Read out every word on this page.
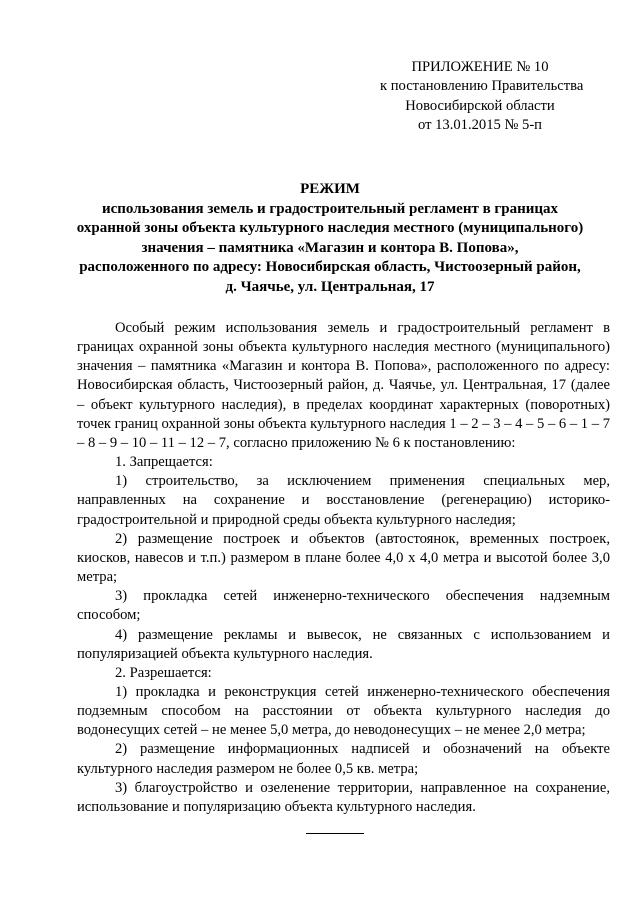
ПРИЛОЖЕНИЕ № 10
к постановлению Правительства
Новосибирской области
от 13.01.2015 № 5-п
РЕЖИМ
использования земель и градостроительный регламент в границах
охранной зоны объекта культурного наследия местного (муниципального)
значения – памятника «Магазин и контора В. Попова»,
расположенного по адресу: Новосибирская область, Чистоозерный район,
д. Чаячье, ул. Центральная, 17

Особый режим использования земель и градостроительный регламент в границах охранной зоны объекта культурного наследия местного (муниципального) значения – памятника «Магазин и контора В. Попова», расположенного по адресу: Новосибирская область, Чистоозерный район, д. Чаячье, ул. Центральная, 17 (далее – объект культурного наследия), в пределах координат характерных (поворотных) точек границ охранной зоны объекта культурного наследия 1 – 2 – 3 – 4 – 5 – 6 – 1 – 7 – 8 – 9 – 10 – 11 – 12 – 7, согласно приложению № 6 к постановлению:

1. Запрещается:

1) строительство, за исключением применения специальных мер, направленных на сохранение и восстановление (регенерацию) историко-градостроительной и природной среды объекта культурного наследия;

2) размещение построек и объектов (автостоянок, временных построек, киосков, навесов и т.п.) размером в плане более 4,0 х 4,0 метра и высотой более 3,0 метра;

3) прокладка сетей инженерно-технического обеспечения надземным способом;

4) размещение рекламы и вывесок, не связанных с использованием и популяризацией объекта культурного наследия.

2. Разрешается:

1) прокладка и реконструкция сетей инженерно-технического обеспечения подземным способом на расстоянии от объекта культурного наследия до водонесущих сетей – не менее 5,0 метра, до неводонесущих – не менее 2,0 метра;

2) размещение информационных надписей и обозначений на объекте культурного наследия размером не более 0,5 кв. метра;

3) благоустройство и озеленение территории, направленное на сохранение, использование и популяризацию объекта культурного наследия.
